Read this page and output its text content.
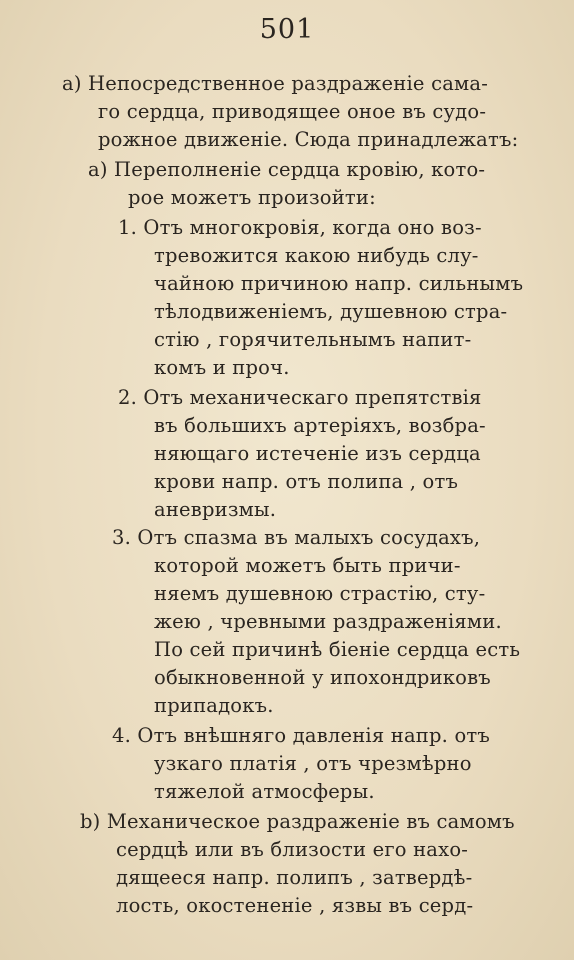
501
a) Непосредственное раздраженіе сама-
го сердца, приводящее оное въ судо-
рожное движеніе. Сюда принадлежатъ:
a) Переполненіе сердца кровію, кото-
рое можетъ произойти:
1. Отъ многокровія, когда оно воз-
тревожится какою нибудь слу-
чайною причиною напр. сильнымъ
тѣлодвиженіемъ, душевною стра-
стію , горячительнымъ напит-
комъ и проч.
2. Отъ механическаго препятствія
въ большихъ артеріяхъ, возбра-
няющаго истеченіе изъ сердца
крови напр. отъ полипа , отъ
аневризмы.
3. Отъ спазма въ малыхъ сосудахъ,
которой можетъ быть причи-
няемъ душевною страстію, сту-
жею , чревными раздраженіями.
По сей причинѣ біеніе сердца есть
обыкновенной у ипохондриковъ
припадокъ.
4. Отъ внѣшняго давленія напр. отъ
узкаго платія , отъ чрезмѣрно
тяжелой атмосферы.
b) Механическое раздраженіе въ самомъ
сердцѣ или въ близости его нахо-
дящееся напр. полипъ , затвердѣ-
лость, окостененіе , язвы въ серд-
